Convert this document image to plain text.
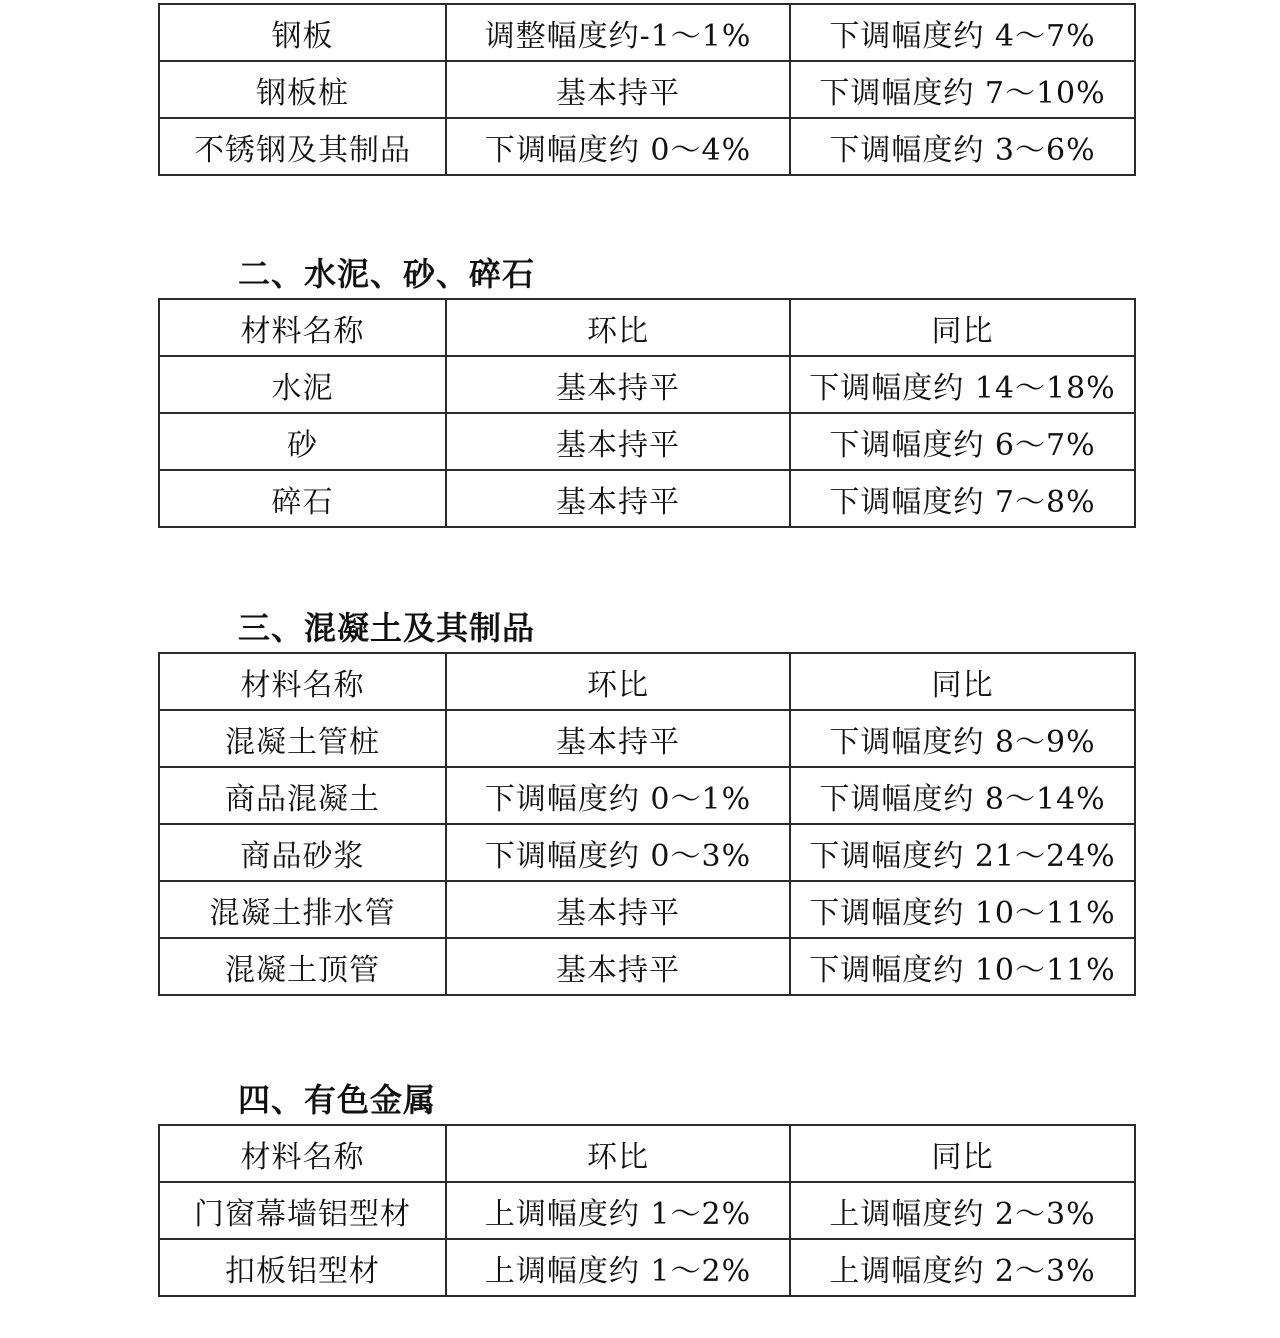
钢板	调整幅度约-1～1%	下调幅度约 4～7%
钢板桩	基本持平	下调幅度约 7～10%
不锈钢及其制品	下调幅度约 0～4%	下调幅度约 3～6%
二、水泥、砂、碎石
材料名称	环比	同比
水泥	基本持平	下调幅度约 14～18%
砂	基本持平	下调幅度约 6～7%
碎石	基本持平	下调幅度约 7～8%
三、混凝土及其制品
材料名称	环比	同比
混凝土管桩	基本持平	下调幅度约 8～9%
商品混凝土	下调幅度约 0～1%	下调幅度约 8～14%
商品砂浆	下调幅度约 0～3%	下调幅度约 21～24%
混凝土排水管	基本持平	下调幅度约 10～11%
混凝土顶管	基本持平	下调幅度约 10～11%
四、有色金属
材料名称	环比	同比
门窗幕墙铝型材	上调幅度约 1～2%	上调幅度约 2～3%
扣板铝型材	上调幅度约 1～2%	上调幅度约 2～3%
